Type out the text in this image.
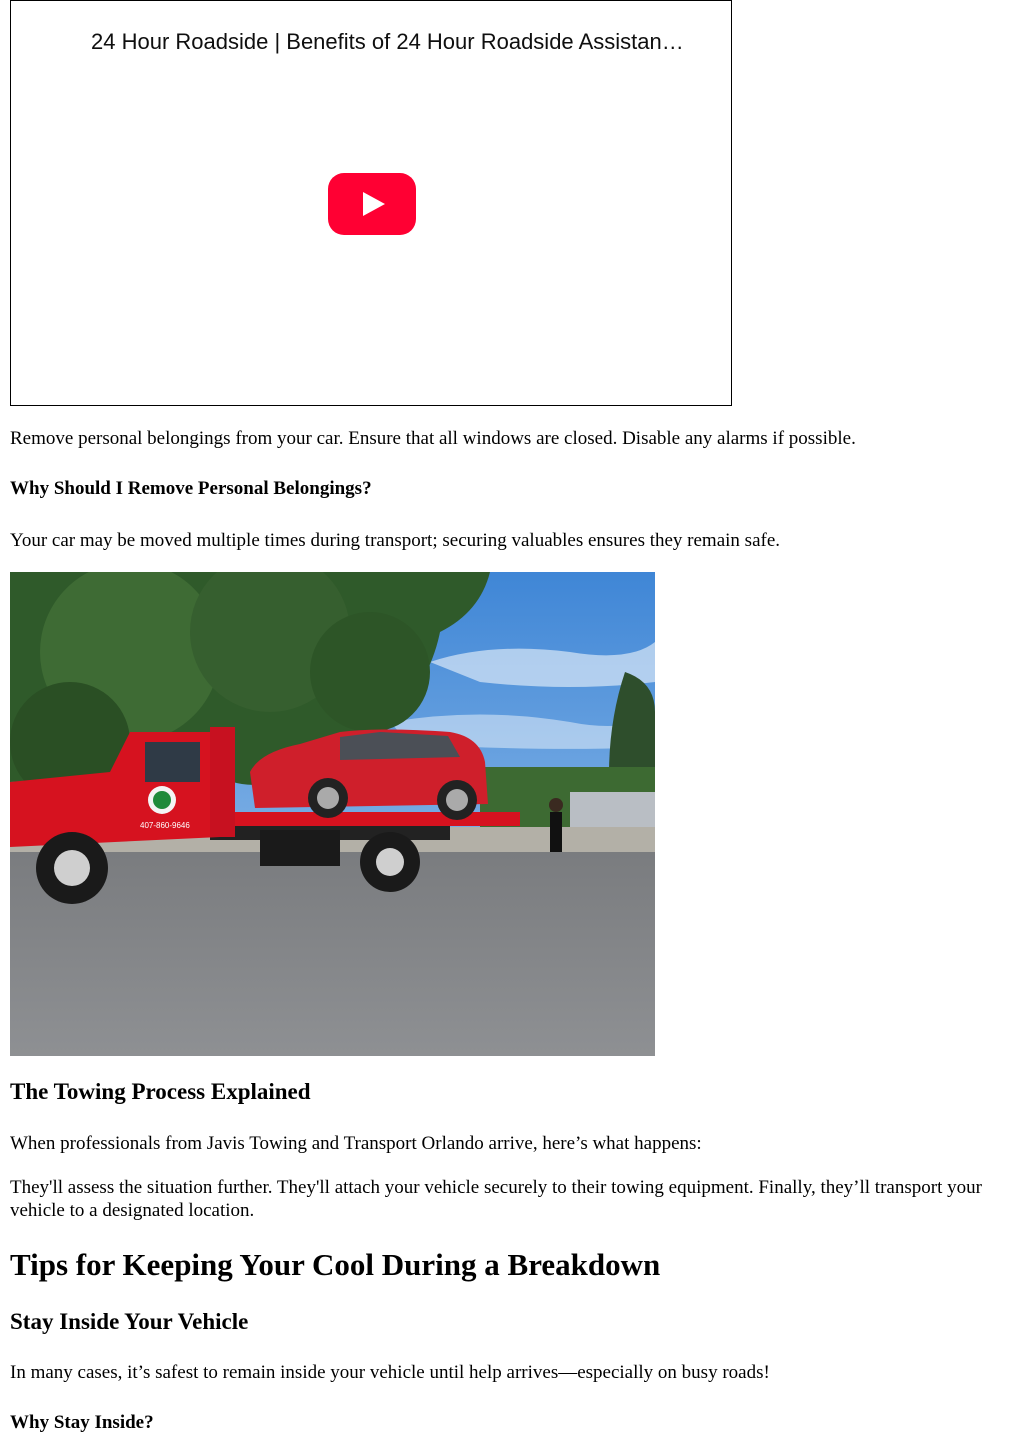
24 Hour Roadside | Benefits of 24 Hour Roadside Assistan…

Remove personal belongings from your car. Ensure that all windows are closed. Disable any alarms if possible.

Why Should I Remove Personal Belongings?

Your car may be moved multiple times during transport; securing valuables ensures they remain safe.

407-860-9646
The Towing Process Explained

When professionals from Javis Towing and Transport Orlando arrive, here’s what happens:

They'll assess the situation further. They'll attach your vehicle securely to their towing equipment. Finally, they’ll transport your vehicle to a designated location.

Tips for Keeping Your Cool During a Breakdown
Stay Inside Your Vehicle

In many cases, it’s safest to remain inside your vehicle until help arrives—especially on busy roads!

Why Stay Inside?
